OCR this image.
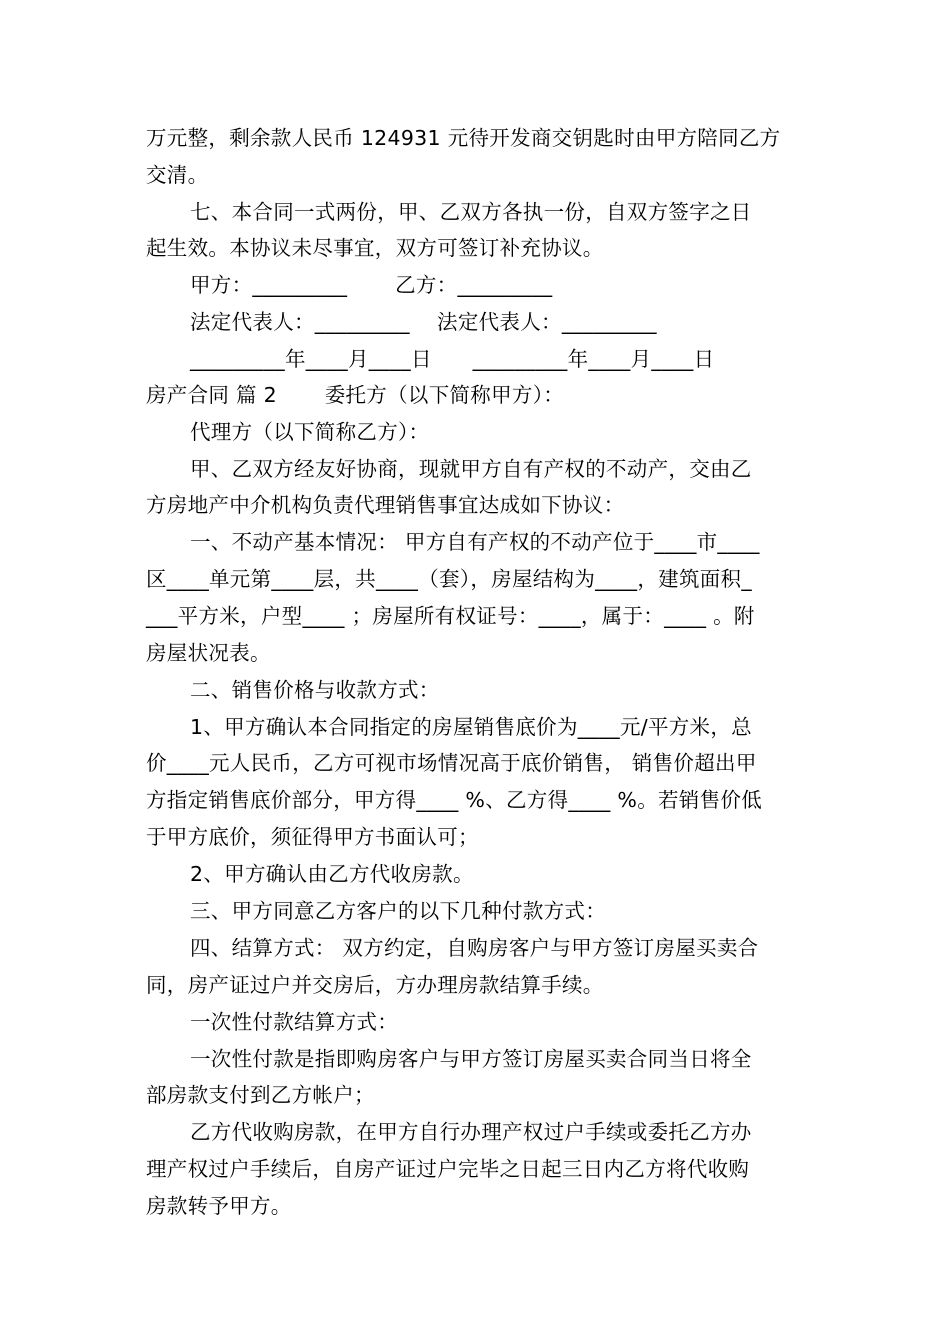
万元整，剩余款人民币 124931 元待开发商交钥匙时由甲方陪同乙方
交清。
七、本合同一式两份，甲、乙双方各执一份，自双方签字之日
起生效。本协议未尽事宜，双方可签订补充协议。
甲方：_________       乙方：_________
法定代表人：_________    法定代表人：_________
_________年____月____日      _________年____月____日
房产合同 篇 2       委托方（以下简称甲方）：
代理方（以下简称乙方）：
甲、乙双方经友好协商，现就甲方自有产权的不动产，交由乙
方房地产中介机构负责代理销售事宜达成如下协议：
一、不动产基本情况： 甲方自有产权的不动产位于____市____
区____单元第____层，共____（套），房屋结构为____，建筑面积_
___平方米，户型____ ；房屋所有权证号：____，属于：____ 。附
房屋状况表。
二、销售价格与收款方式：
1、甲方确认本合同指定的房屋销售底价为____元/平方米，总
价____元人民币，乙方可视市场情况高于底价销售， 销售价超出甲
方指定销售底价部分，甲方得____ %、乙方得____ %。若销售价低
于甲方底价，须征得甲方书面认可；
2、甲方确认由乙方代收房款。
三、甲方同意乙方客户的以下几种付款方式：
四、结算方式： 双方约定，自购房客户与甲方签订房屋买卖合
同，房产证过户并交房后，方办理房款结算手续。
一次性付款结算方式：
一次性付款是指即购房客户与甲方签订房屋买卖合同当日将全
部房款支付到乙方帐户；
乙方代收购房款，在甲方自行办理产权过户手续或委托乙方办
理产权过户手续后，自房产证过户完毕之日起三日内乙方将代收购
房款转予甲方。
